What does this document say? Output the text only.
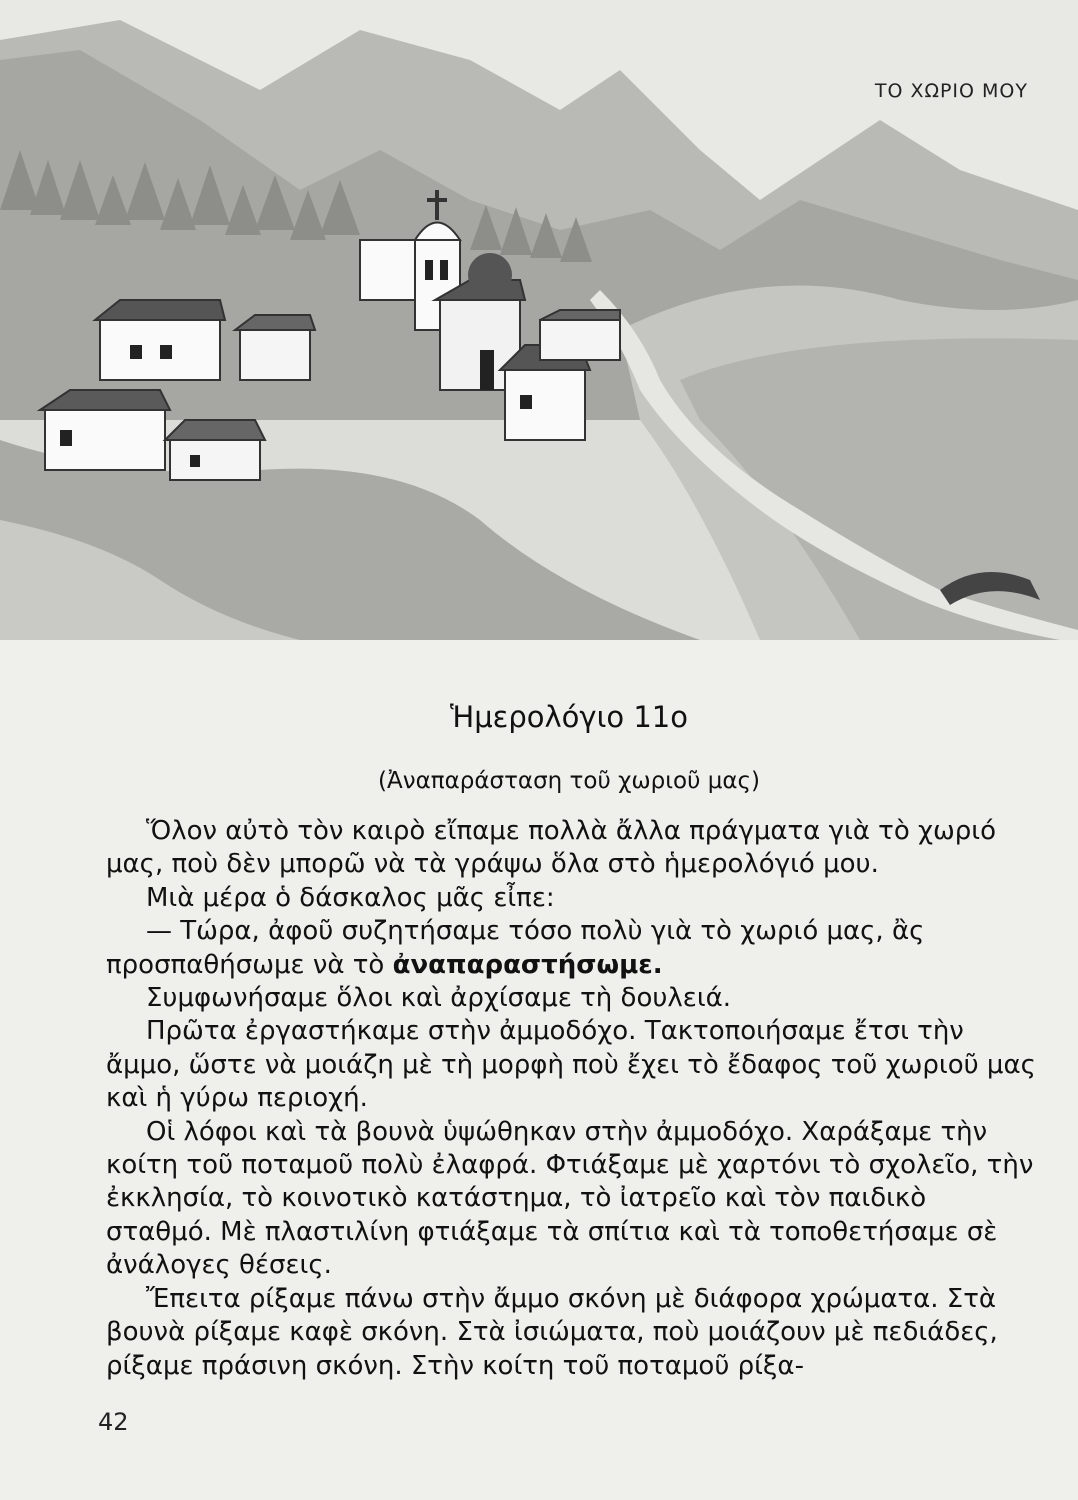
ΤΟ ΧΩΡΙΟ ΜΟΥ
Ἡμερολόγιο 11ο
(Ἀναπαράσταση τοῦ χωριοῦ μας)

Ὅλον αὐτὸ τὸν καιρὸ εἴπαμε πολλὰ ἄλλα πράγματα γιὰ τὸ χωριό μας, ποὺ δὲν μπορῶ νὰ τὰ γράψω ὅλα στὸ ἡμερολόγιό μου.

Μιὰ μέρα ὁ δάσκαλος μᾶς εἶπε:

— Τώρα, ἀφοῦ συζητήσαμε τόσο πολὺ γιὰ τὸ χωριό μας, ἂς προσπαθήσωμε νὰ τὸ ἀναπαραστήσωμε.

Συμφωνήσαμε ὅλοι καὶ ἀρχίσαμε τὴ δουλειά.

Πρῶτα ἐργαστήκαμε στὴν ἀμμοδόχο. Τακτοποιήσαμε ἔτσι τὴν ἄμμο, ὥστε νὰ μοιάζη μὲ τὴ μορφὴ ποὺ ἔχει τὸ ἔδαφος τοῦ χωριοῦ μας καὶ ἡ γύρω περιοχή.

Οἱ λόφοι καὶ τὰ βουνὰ ὑψώθηκαν στὴν ἀμμοδόχο. Χαράξαμε τὴν κοίτη τοῦ ποταμοῦ πολὺ ἐλαφρά. Φτιάξαμε μὲ χαρτόνι τὸ σχολεῖο, τὴν ἐκκλησία, τὸ κοινοτικὸ κατάστημα, τὸ ἰατρεῖο καὶ τὸν παιδικὸ σταθμό. Μὲ πλαστιλίνη φτιάξαμε τὰ σπίτια καὶ τὰ τοποθετήσαμε σὲ ἀνάλογες θέσεις.

Ἔπειτα ρίξαμε πάνω στὴν ἄμμο σκόνη μὲ διάφορα χρώματα. Στὰ βουνὰ ρίξαμε καφὲ σκόνη. Στὰ ἰσιώματα, ποὺ μοιάζουν μὲ πεδιάδες, ρίξαμε πράσινη σκόνη. Στὴν κοίτη τοῦ ποταμοῦ ρίξα-

42
